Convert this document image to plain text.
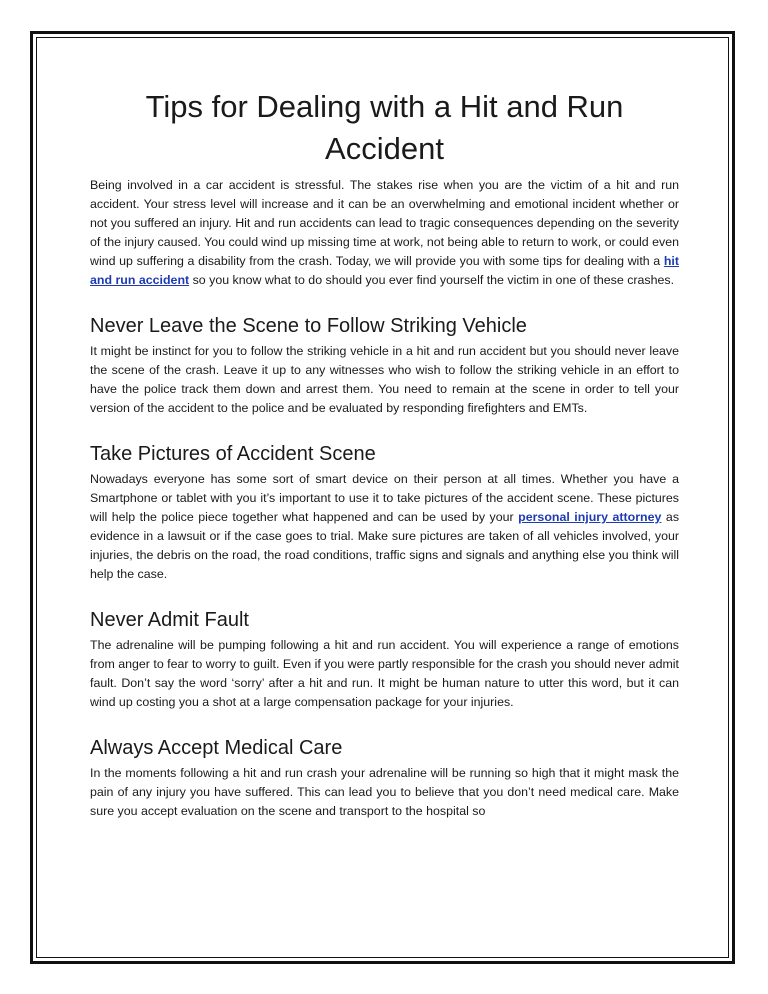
Tips for Dealing with a Hit and Run Accident

Being involved in a car accident is stressful. The stakes rise when you are the victim of a hit and run accident. Your stress level will increase and it can be an overwhelming and emotional incident whether or not you suffered an injury. Hit and run accidents can lead to tragic consequences depending on the severity of the injury caused. You could wind up missing time at work, not being able to return to work, or could even wind up suffering a disability from the crash. Today, we will provide you with some tips for dealing with a hit and run accident so you know what to do should you ever find yourself the victim in one of these crashes.

Never Leave the Scene to Follow Striking Vehicle

It might be instinct for you to follow the striking vehicle in a hit and run accident but you should never leave the scene of the crash. Leave it up to any witnesses who wish to follow the striking vehicle in an effort to have the police track them down and arrest them. You need to remain at the scene in order to tell your version of the accident to the police and be evaluated by responding firefighters and EMTs.

Take Pictures of Accident Scene

Nowadays everyone has some sort of smart device on their person at all times. Whether you have a Smartphone or tablet with you it’s important to use it to take pictures of the accident scene. These pictures will help the police piece together what happened and can be used by your personal injury attorney as evidence in a lawsuit or if the case goes to trial. Make sure pictures are taken of all vehicles involved, your injuries, the debris on the road, the road conditions, traffic signs and signals and anything else you think will help the case.

Never Admit Fault

The adrenaline will be pumping following a hit and run accident. You will experience a range of emotions from anger to fear to worry to guilt. Even if you were partly responsible for the crash you should never admit fault. Don’t say the word ‘sorry’ after a hit and run. It might be human nature to utter this word, but it can wind up costing you a shot at a large compensation package for your injuries.

Always Accept Medical Care

In the moments following a hit and run crash your adrenaline will be running so high that it might mask the pain of any injury you have suffered. This can lead you to believe that you don’t need medical care. Make sure you accept evaluation on the scene and transport to the hospital so
